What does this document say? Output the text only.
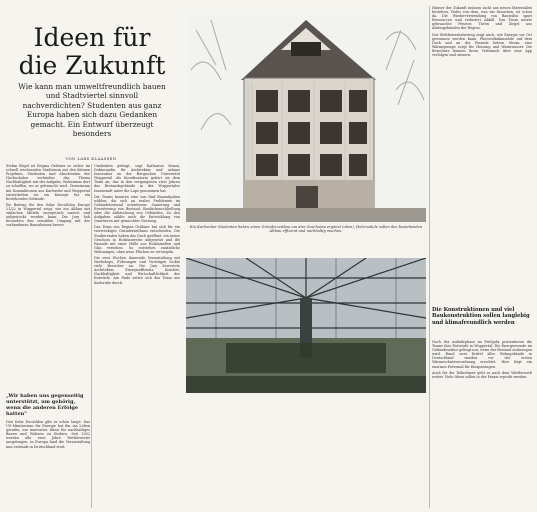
Ideen für
die Zukunft
Wie kann man umweltfreundlich bauen und Stadtviertel sinnvoll nachverdichten? Studenten aus ganz Europa haben sich dazu Gedanken gemacht. Ein Entwurf überzeugt besonders
VON LARS KLAASSEN

Stefan Bögel ist Regina Gräbner so sicher im schnell wachsenden Stadtraum mit den kleinen Projekten. Studenten und Absolventen der Hochschulen verbinden das Thema Nachhaltigkeit mit der Aufgabe, Wohnraum dort zu schaffen, wo er gebraucht wird. Gemeinsam mit Kommilitonen aus Karlsruhe und Wuppertal entwickelten sie ein Konzept für ein bestehendes Gebäude.

Ihr Beitrag für den Solar Decathlon Europe 21/22 in Wuppertal zeigt, wie ein Altbau mit einfachen Mitteln energetisch saniert und aufgestockt werden kann. Die Jury hob besonders den sensiblen Umgang mit der vorhandenen Bausubstanz hervor.

„Wir haben uns gegenseitig unterstützt, um gehörig, wenn die anderen Erfolge hatten"

Den Solar Decathlon gibt es schon lange. Das US-Ministerium für Energie hat ihn ins Leben gerufen, um innovative Ideen für nachhaltiges Bauen und Wohnen zu fördern. Seit 2002 werden alle zwei Jahre Wettbewerbe ausgetragen, in Europa fand die Veranstaltung nun erstmals in Deutschland statt.

Umdenken gefragt, sagt Katharina Simon, Doktorandin für Architektur und urbane Innovation an der Bergischen Universität Wuppertal. Als Koordinatorin gehört sie dem Team an, das in den vergangenen zwei Jahren das Bestandsgebäude in der Wuppertaler Innenstadt unter die Lupe genommen hat.

Die Teams konnten eine von fünf Bauaufgaben wählen, die sich an realen Problemen im Gebäudebestand orientieren: Sanierung und Erweiterung von Bestand, Baulückenschließung oder die Aufstockung von Gebäuden. Zu den Aufgaben zählte auch die Entwicklung von Quartieren mit gemischter Nutzung.

Das Team von Regina Gräbner hat sich für ein vierstöckiges Gründerzeithaus entschieden. Die Studierenden haben das Dach geöffnet, ein neues Geschoss in Holzbauweise aufgesetzt und die Fassade mit einer Hülle aus Holzlamellen und Glas versehen. So entstehen zusätzliche Wohnungen, ohne neue Flächen zu versiegeln.

Die zwei Wochen dauernde Veranstaltung mit Workshops, Führungen und Vorträgen lockte viele Besucher an. Die Jury bewertete Architektur, Energieeffizienz, Komfort, Nachhaltigkeit und Wirtschaftlichkeit der Entwürfe. Am Ende setzte sich das Team aus Karlsruhe durch.

Ein Karlsruher Studenten haben einen Gründerzeitbau um drei Geschosse ergänzt (oben). Holzmodule sollen den bestehenden Altbau effizient und nachhaltig machen.

Häuser der Zukunft müssen nicht aus neuen Materialien bestehen. Vieles von dem, was wir brauchen, ist schon da. Die Wiederverwendung von Bauteilen spart Ressourcen und reduziert Abfall. Das Team nutzte gebrauchte Fenster, Türen und Ziegel aus Abrissgebäuden der Region.

Der Wettbewerbsbeitrag zeigt auch, wie Energie vor Ort gewonnen werden kann. Photovoltaikmodule auf dem Dach und an der Fassade liefern Strom, eine Wärmepumpe sorgt für Heizung und Warmwasser. Die Bewohner können ihren Verbrauch über eine App verfolgen und steuern.

Die Konstruktionen und viel Baukonstruktion sollen langlebig und klimafreundlich werden

Nach der Auftaktphase im Frühjahr präsentieren die Teams ihre Entwürfe in Wuppertal. Die Energiewende im Gebäudesektor gelingt nur, wenn der Bestand einbezogen wird. Rund zwei Drittel aller Wohngebäude in Deutschland wurden vor der ersten Wärmeschutzverordnung errichtet. Hier liegt ein enormes Potenzial für Einsparungen.

Auch für die Teilnehmer geht es nach dem Wettbewerb weiter. Viele Ideen sollen in der Praxis erprobt werden.
